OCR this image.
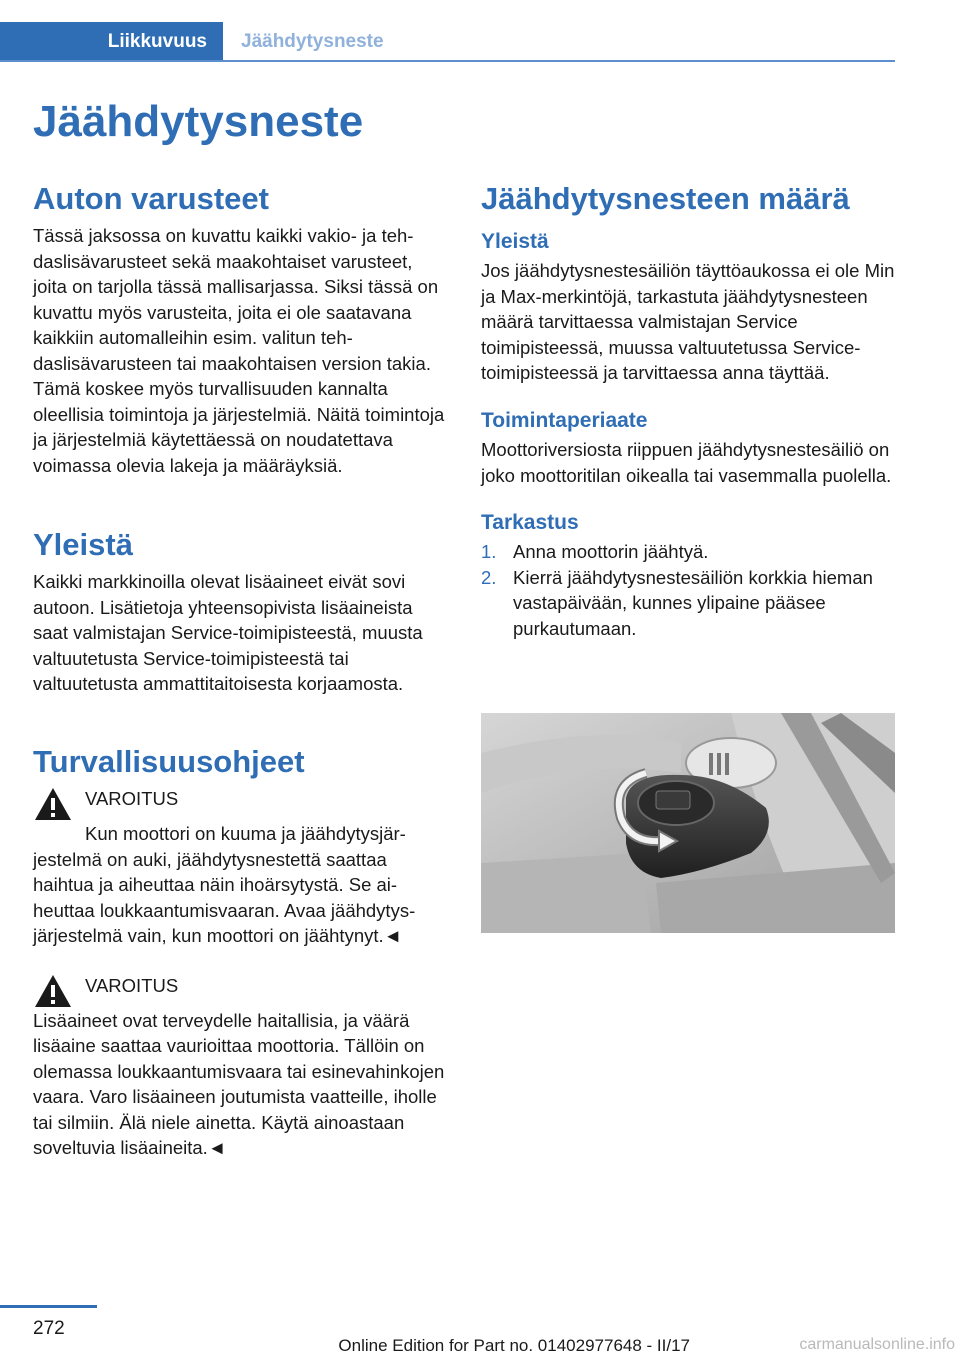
Liikkuvuus	Jäähdytysneste
Jäähdytysneste
Auton varusteet

Tässä jaksossa on kuvattu kaikki vakio- ja tehdaslisävarusteet sekä maakohtaiset varusteet, joita on tarjolla tässä mallisarjassa. Siksi tässä on kuvattu myös varusteita, joita ei ole saatavana kaikkiin automalleihin esim. valitun tehdaslisävarusteen tai maakohtaisen version takia. Tämä koskee myös turvallisuuden kannalta oleellisia toimintoja ja järjestelmiä. Näitä toimintoja ja järjestelmiä käytettäessä on noudatettava voimassa olevia lakeja ja määräyksiä.

Yleistä

Kaikki markkinoilla olevat lisäaineet eivät sovi autoon. Lisätietoja yhteensopivista lisäaineista saat valmistajan Service-toimipisteestä, muusta valtuutetusta Service-toimipisteestä tai valtuutetusta ammattitaitoisesta korjaamosta.

Turvallisuusohjeet
VAROITUS

Kun moottori on kuuma ja jäähdytysjärjestelmä on auki, jäähdytysnestettä saattaa haihtua ja aiheuttaa näin ihoärsytystä. Se aiheuttaa loukkaantumisvaaran. Avaa jäähdytysjärjestelmä vain, kun moottori on jäähtynyt.◄

VAROITUS

Lisäaineet ovat terveydelle haitallisia, ja väärä lisäaine saattaa vaurioittaa moottoria. Tällöin on olemassa loukkaantumisvaara tai esinevahinkojen vaara. Varo lisäaineen joutumista vaatteille, iholle tai silmiin. Älä niele ainetta. Käytä ainoastaan soveltuvia lisäaineita.◄

Jäähdytysnesteen määrä
Yleistä

Jos jäähdytysnestesäiliön täyttöaukossa ei ole Min ja Max-merkintöjä, tarkastuta jäähdytysnesteen määrä tarvittaessa valmistajan Service toimipisteessä, muussa valtuutetussa Servicetoimipisteessä ja tarvittaessa anna täyttää.

Toimintaperiaate

Moottoriversiosta riippuen jäähdytysnestesäiliö on joko moottoritilan oikealla tai vasemmalla puolella.

Tarkastus
1. Anna moottorin jäähtyä.
2. Kierrä jäähdytysnestesäiliön korkkia hieman vastapäivään, kunnes ylipaine pääsee purkautumaan.
272
Online Edition for Part no. 01402977648 - II/17	carmanualsonline.info
